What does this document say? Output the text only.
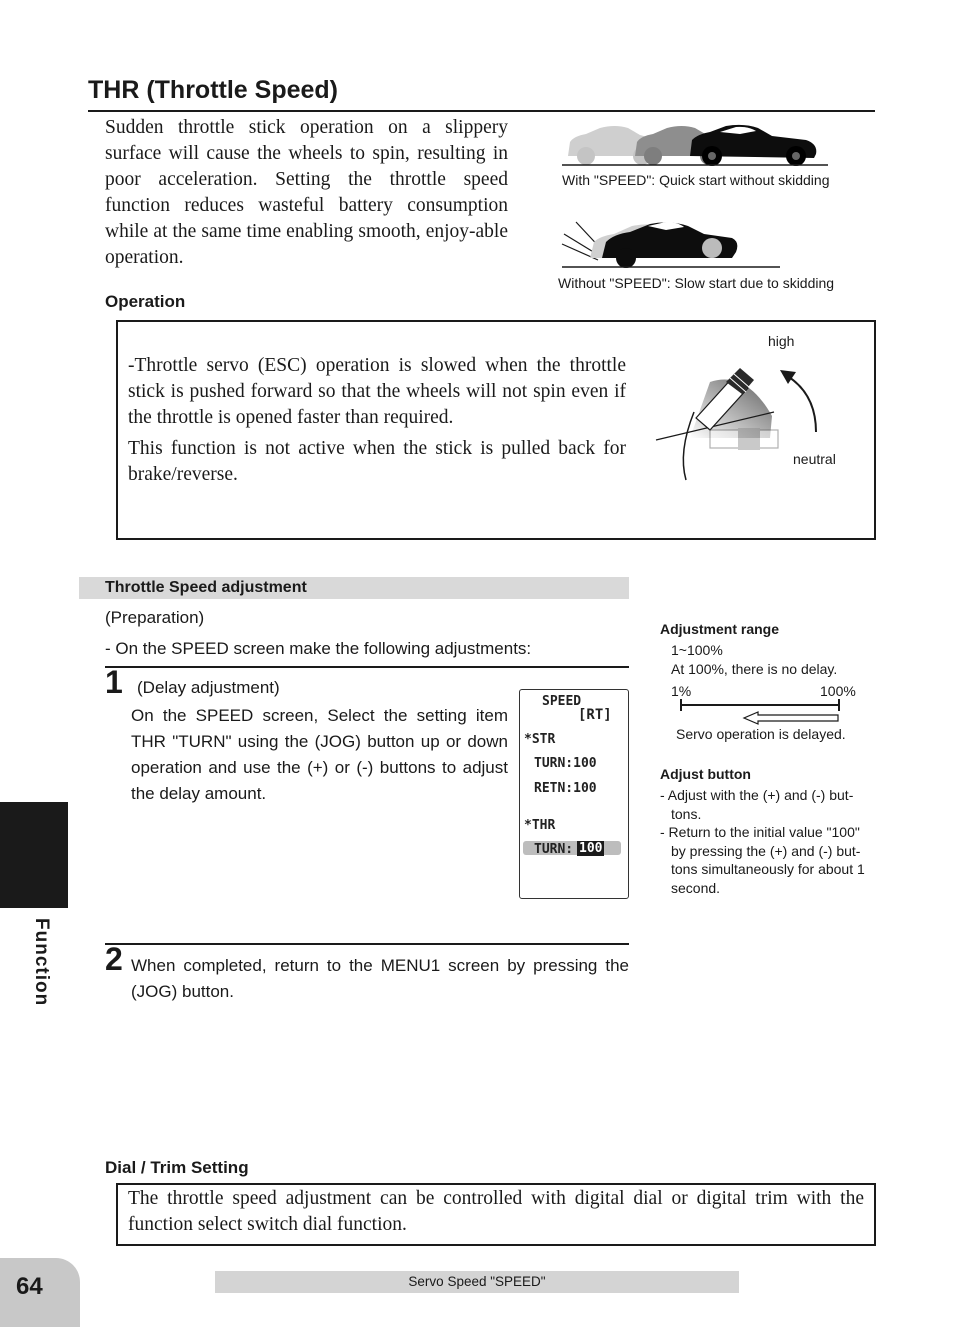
THR (Throttle Speed)
Sudden throttle stick operation on a slippery surface will cause the wheels to spin, resulting in poor acceleration. Setting the throttle speed function reduces wasteful battery consumption while at the same time enabling smooth, enjoy-able operation.
With "SPEED": Quick start without skidding
Without "SPEED": Slow start due to skidding
Operation

-Throttle servo (ESC) operation is slowed when the throttle stick is pushed forward so that the wheels will not spin even if the throttle is opened faster than required.

This function is not active when the stick is pulled back for brake/reverse.

high
neutral
Throttle Speed adjustment
(Preparation)
- On the SPEED screen make the following adjustments:
1 (Delay adjustment)
On the SPEED screen, Select the setting item THR "TURN" using the (JOG) button up or down operation and use the (+) or (-) buttons to adjust the delay amount.
SPEED
[RT]
*STR
TURN:100
RETN:100
*THR
TURN: 100
2 When completed, return to the MENU1 screen by pressing the (JOG) button.
Adjustment range
1~100%
At 100%, there is no delay.
1%	100%
Servo operation is delayed.
Adjust button
- Adjust with the (+) and (-) but-
tons.
- Return to the initial value "100"
by pressing the (+) and (-) but-
tons simultaneously for about 1
second.
Function
Dial / Trim Setting
The throttle speed adjustment can be controlled with digital dial or digital trim with the function select switch dial function.
64	Servo Speed "SPEED"
